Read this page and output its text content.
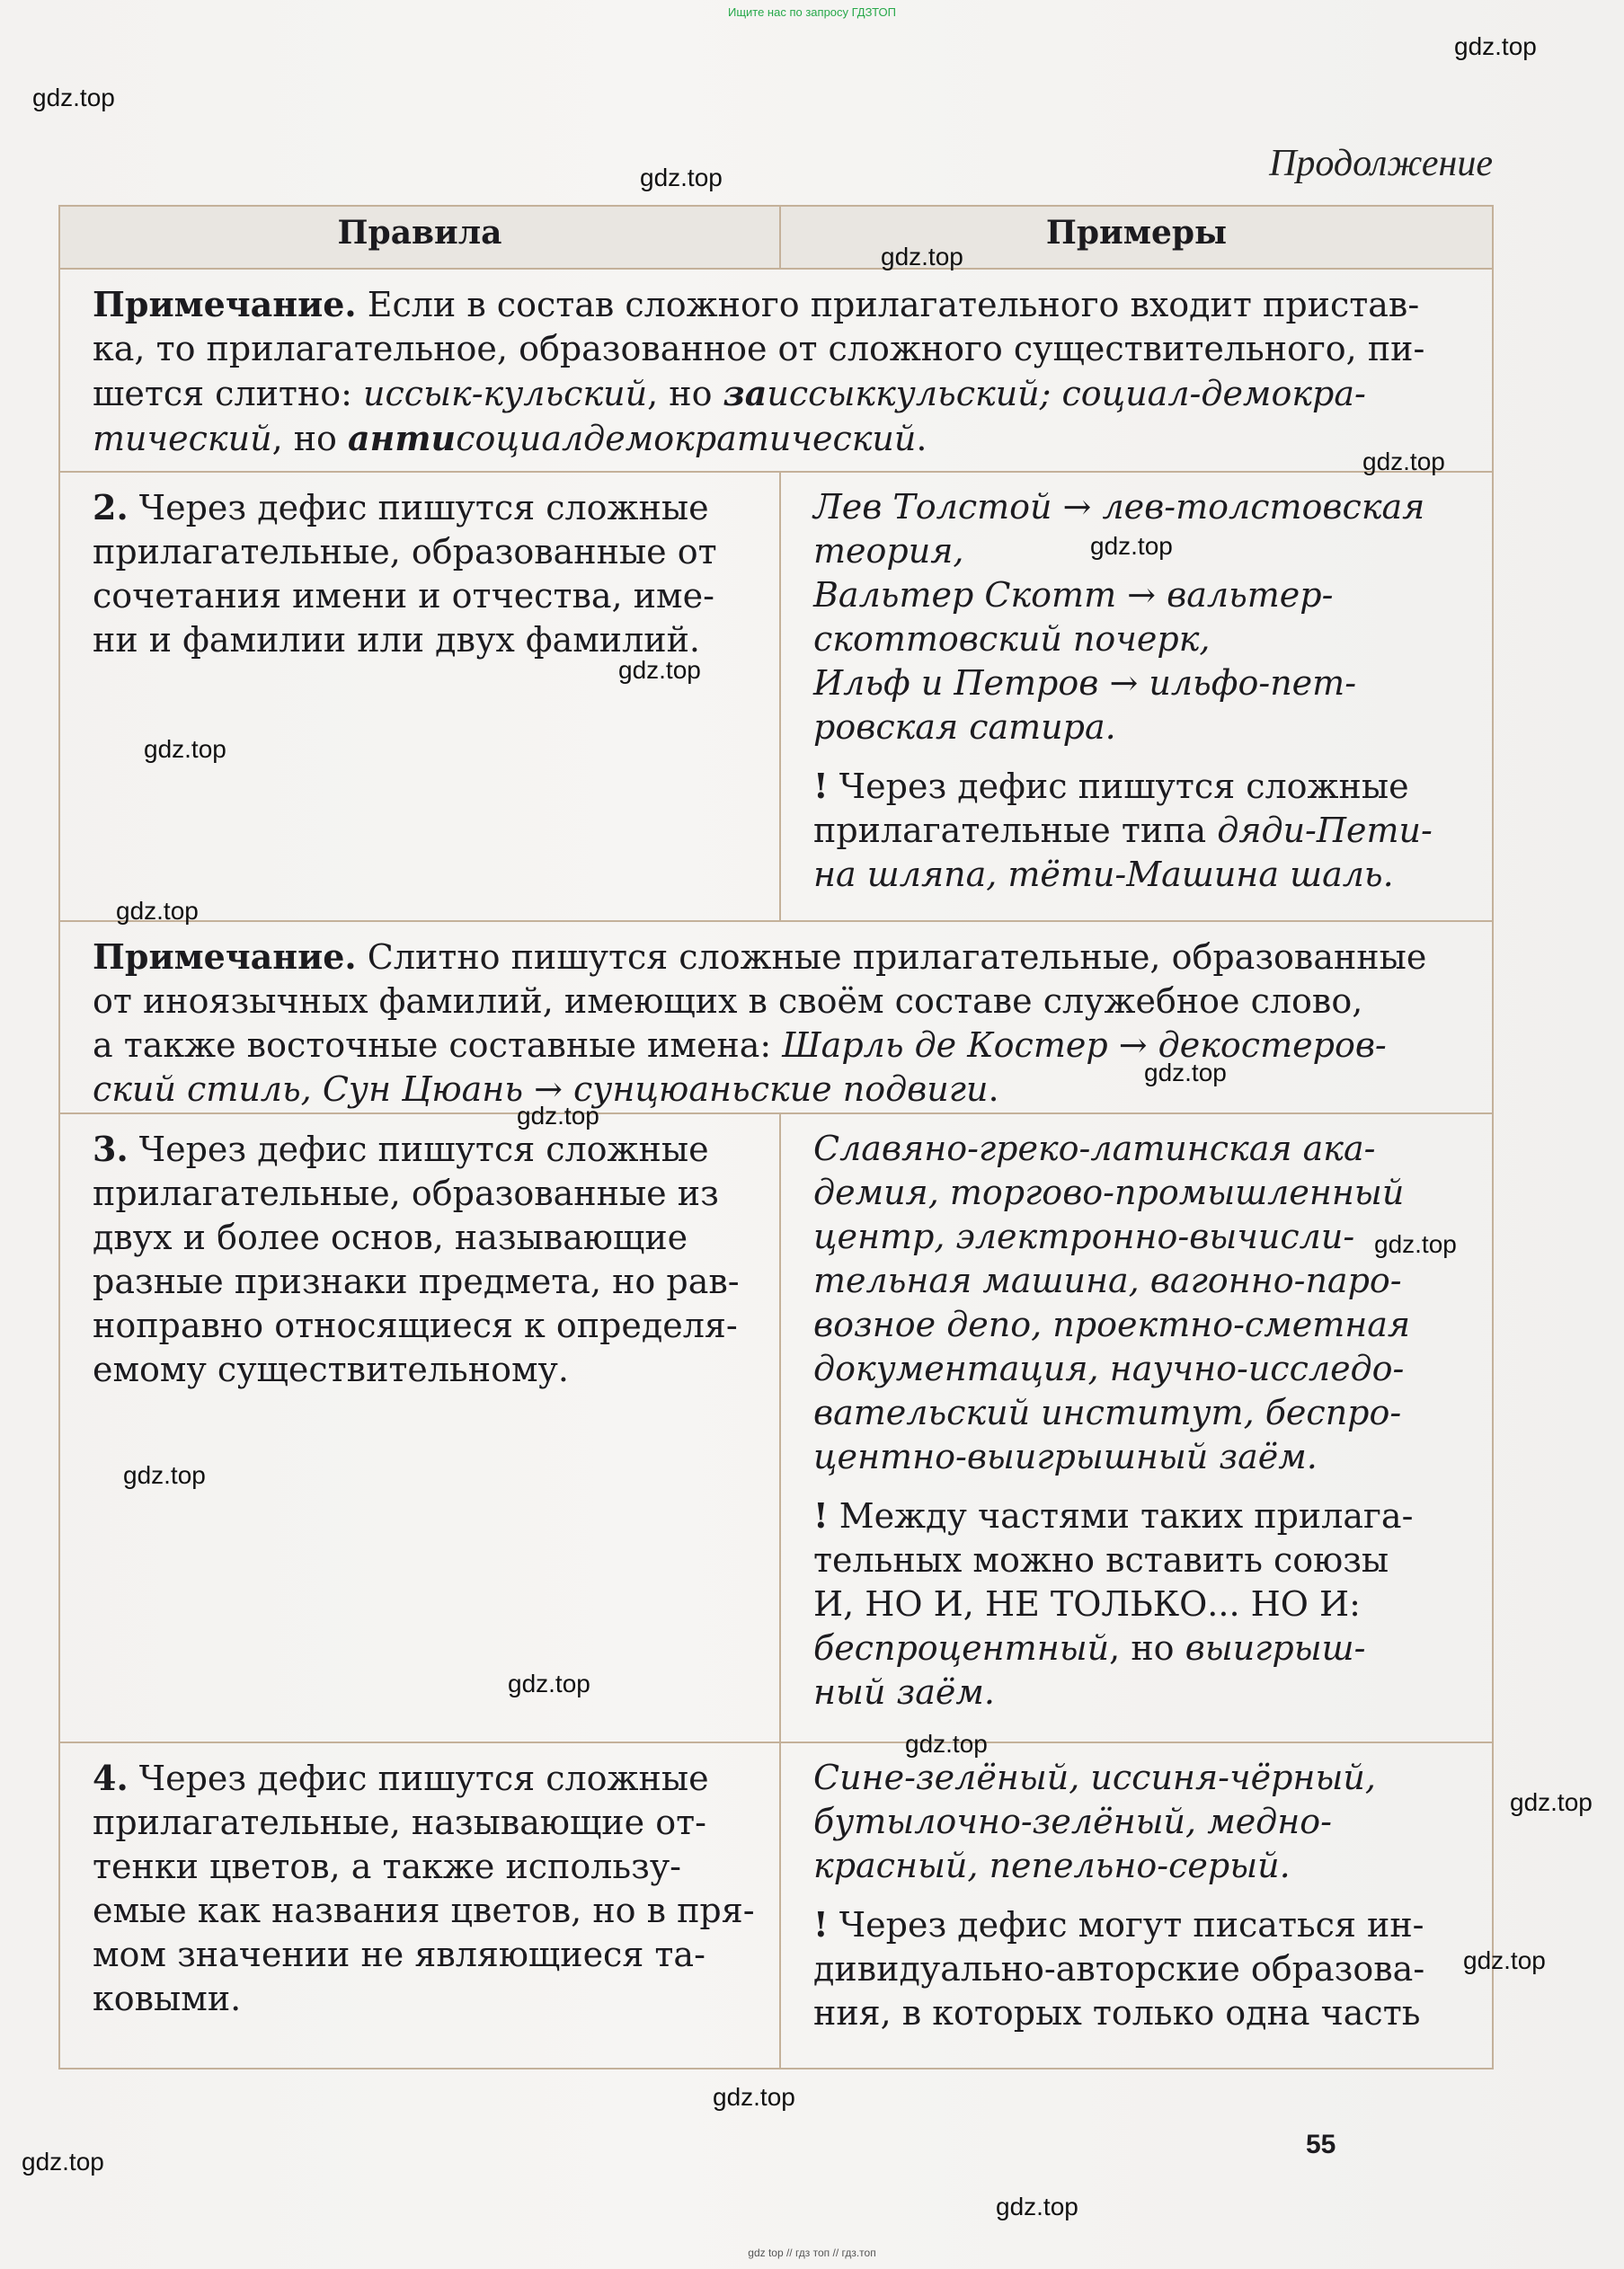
Ищите нас по запросу ГДЗТОП
Продолжение
Правила	Примеры
Примечание. Если в состав сложного прилагательного входит пристав-
ка, то прилагательное, образованное от сложного существительного, пи-
шется слитно: иссык-кульский, но заиссыккульский; социал-демокра-
тический, но антисоциалдемократический.
2. Через дефис пишутся сложные
прилагательные, образованные от
сочетания имени и отчества, име-
ни и фамилии или двух фамилий.
Лев Толстой → лев-толстовская
теория,
Вальтер Скотт → вальтер-
скоттовский почерк,
Ильф и Петров → ильфо-пет-
ровская сатира.
! Через дефис пишутся сложные
прилагательные типа дяди-Пети-
на шляпа, тёти-Машина шаль.
Примечание. Слитно пишутся сложные прилагательные, образованные
от иноязычных фамилий, имеющих в своём составе служебное слово,
а также восточные составные имена: Шарль де Костер → декостеров-
ский стиль, Сун Цюань → сунцюаньские подвиги.
3. Через дефис пишутся сложные
прилагательные, образованные из
двух и более основ, называющие
разные признаки предмета, но рав-
ноправно относящиеся к определя-
емому существительному.
Славяно-греко-латинская ака-
демия, торгово-промышленный
центр, электронно-вычисли-
тельная машина, вагонно-паро-
возное депо, проектно-сметная
документация, научно-исследо-
вательский институт, беспро-
центно-выигрышный заём.
! Между частями таких прилага-
тельных можно вставить союзы
И, НО И, НЕ ТОЛЬКО... НО И:
беспроцентный, но выигрыш-
ный заём.
4. Через дефис пишутся сложные
прилагательные, называющие от-
тенки цветов, а также использу-
емые как названия цветов, но в пря-
мом значении не являющиеся та-
ковыми.
Сине-зелёный, иссиня-чёрный,
бутылочно-зелёный, медно-
красный, пепельно-серый.
! Через дефис могут писаться ин-
дивидуально-авторские образова-
ния, в которых только одна часть
55
gdz.top
gdz.top
gdz.top
gdz.top
gdz.top
gdz.top
gdz.top
gdz.top
gdz.top
gdz.top
gdz.top
gdz.top
gdz.top
gdz.top
gdz.top
gdz.top
gdz.top
gdz.top
gdz.top
gdz.top
gdz top // гдз топ // гдз.топ
